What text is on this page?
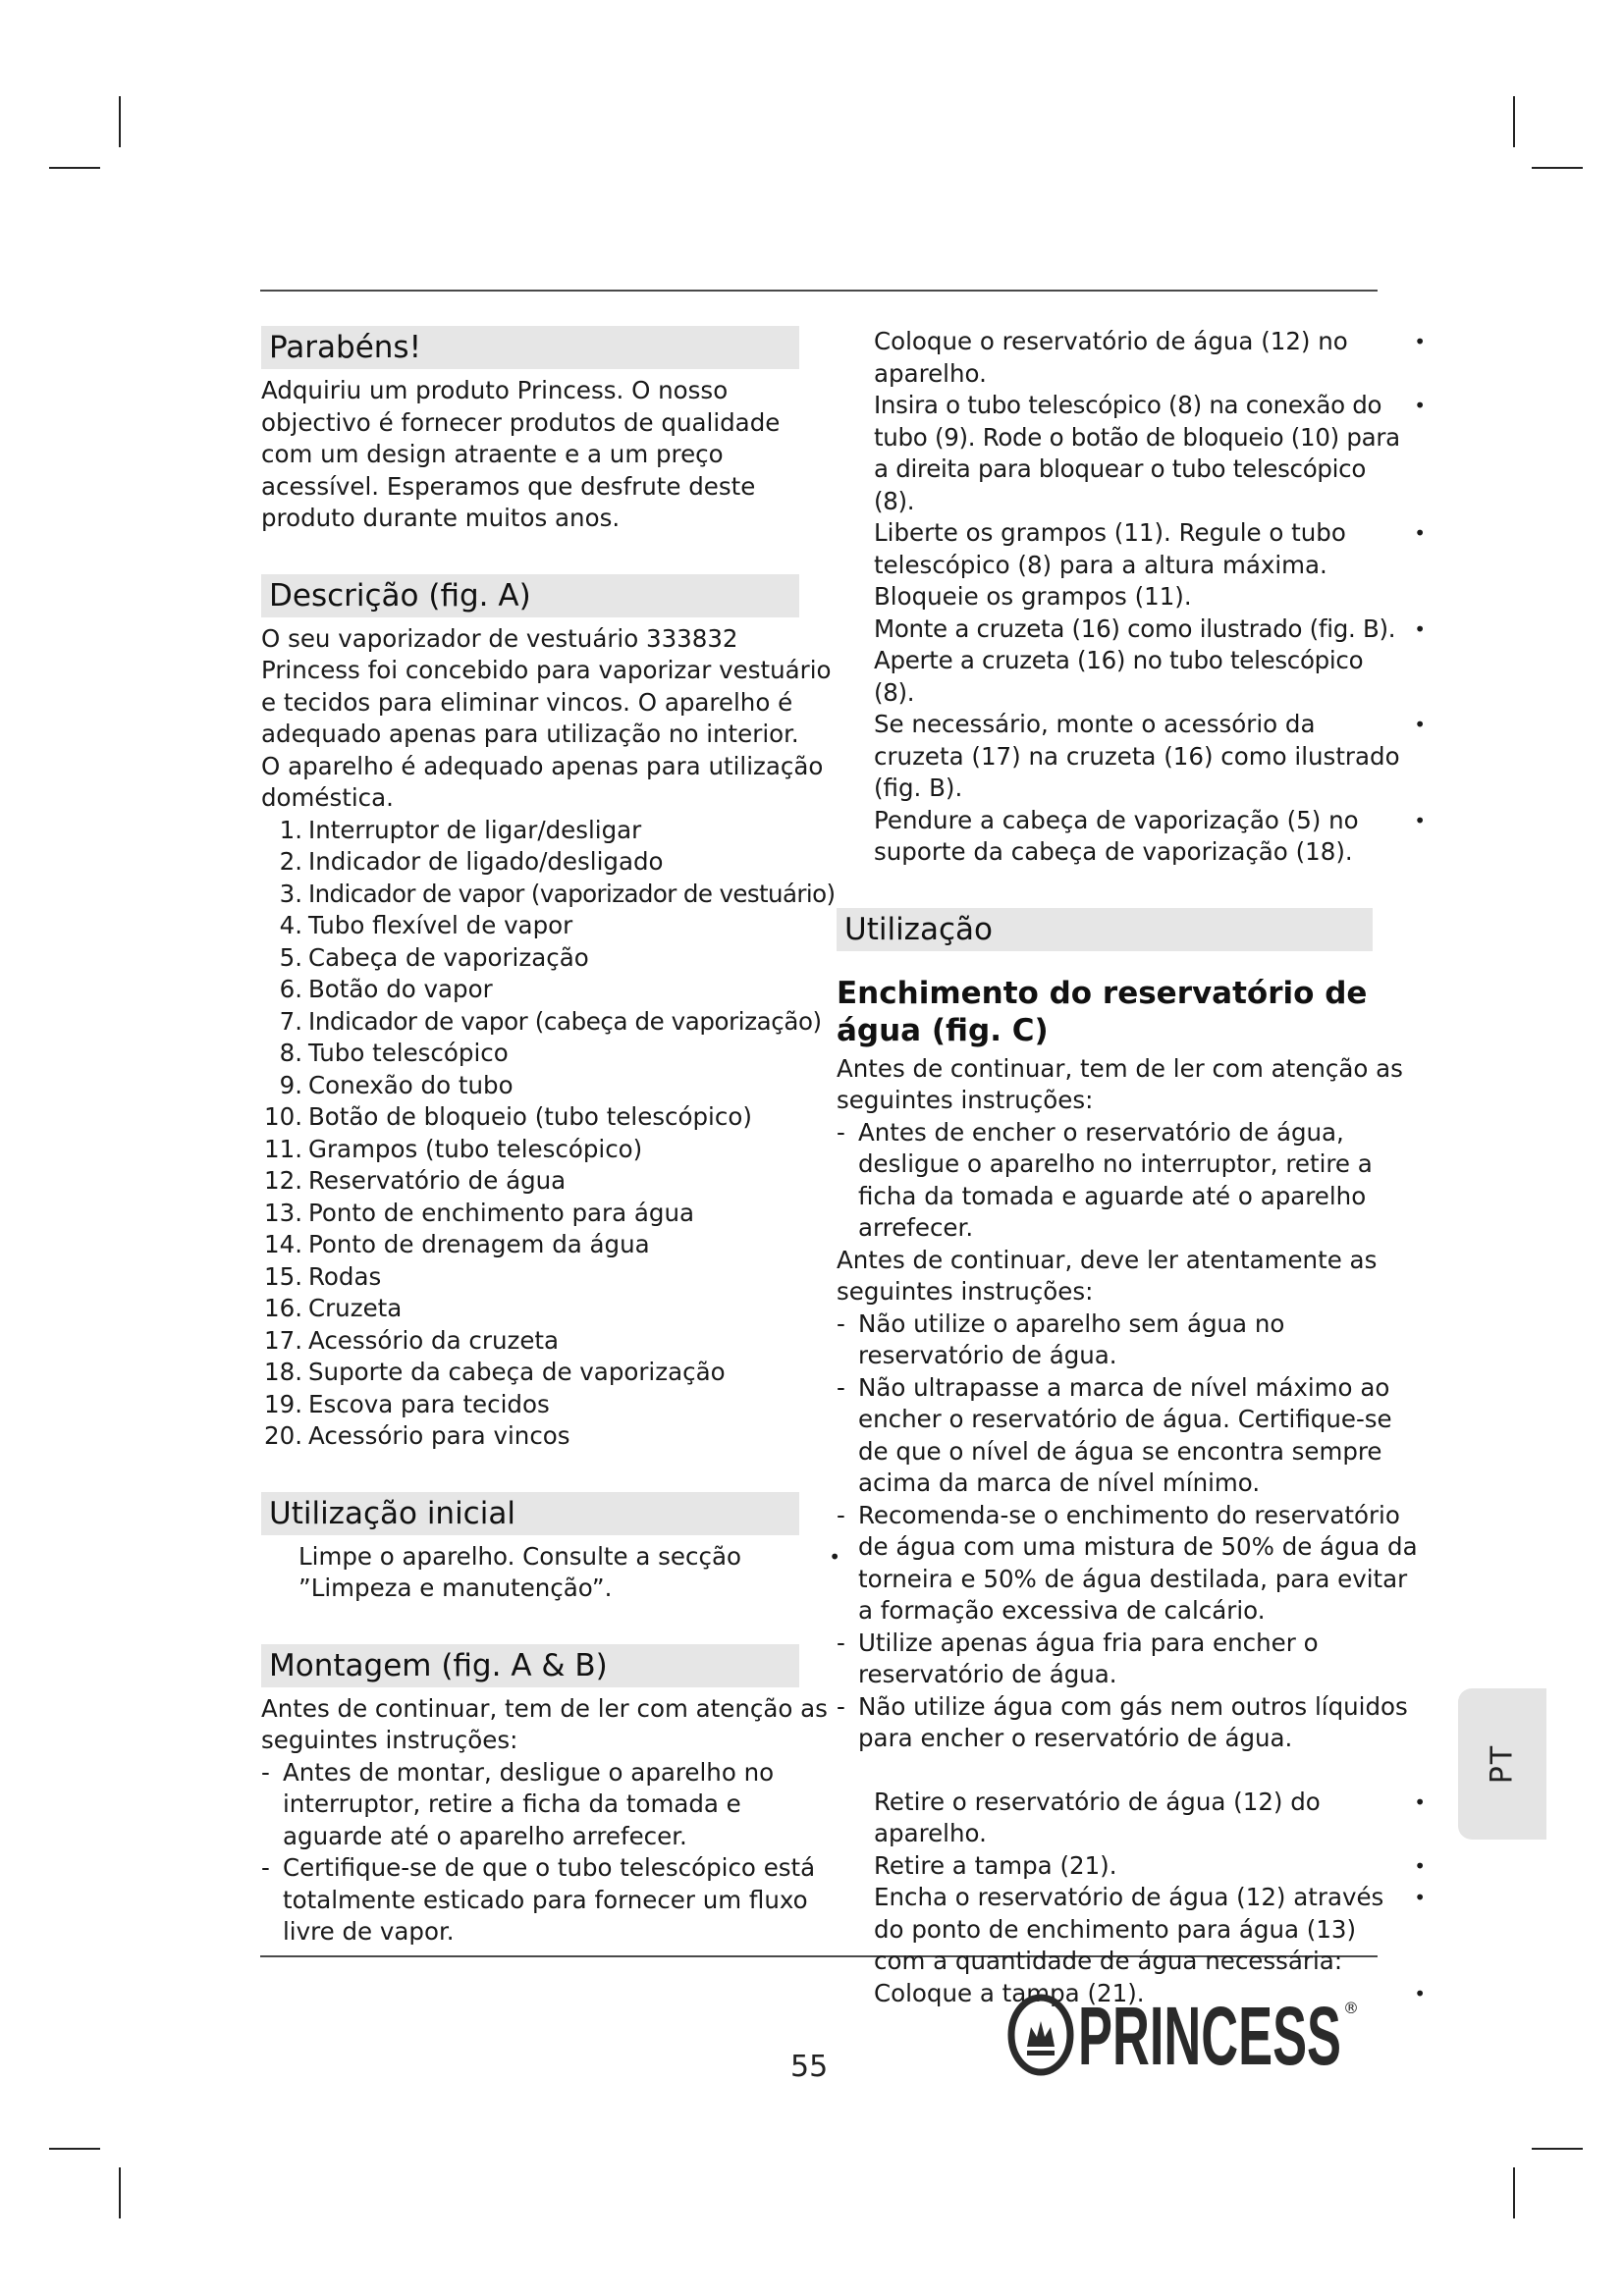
Parabéns!

Adquiriu um produto Princess. O nosso objectivo é fornecer produtos de qualidade com um design atraente e a um preço acessível. Esperamos que desfrute deste produto durante muitos anos.

Descrição (fig. A)

O seu vaporizador de vestuário 333832 Princess foi concebido para vaporizar vestuário e tecidos para eliminar vincos. O aparelho é adequado apenas para utilização no interior.

O aparelho é adequado apenas para utilização doméstica.

1. Interruptor de ligar/desligar
2. Indicador de ligado/desligado
3. Indicador de vapor (vaporizador de vestuário)
4. Tubo flexível de vapor
5. Cabeça de vaporização
6. Botão do vapor
7. Indicador de vapor (cabeça de vaporização)
8. Tubo telescópico
9. Conexão do tubo
10. Botão de bloqueio (tubo telescópico)
11. Grampos (tubo telescópico)
12. Reservatório de água
13. Ponto de enchimento para água
14. Ponto de drenagem da água
15. Rodas
16. Cruzeta
17. Acessório da cruzeta
18. Suporte da cabeça de vaporização
19. Escova para tecidos
20. Acessório para vincos
Utilização inicial
Limpe o aparelho. Consulte a secção ”Limpeza e manutenção”.
•
Montagem (fig. A & B)

Antes de continuar, tem de ler com atenção as seguintes instruções:

- Antes de montar, desligue o aparelho no interruptor, retire a ficha da tomada e aguarde até o aparelho arrefecer.
- Certifique-se de que o tubo telescópico está totalmente esticado para fornecer um fluxo livre de vapor.
Coloque o reservatório de água (12) no aparelho.
•
Insira o tubo telescópico (8) na conexão do tubo (9). Rode o botão de bloqueio (10) para a direita para bloquear o tubo telescópico (8).
•
Liberte os grampos (11). Regule o tubo telescópico (8) para a altura máxima. Bloqueie os grampos (11).
•
Monte a cruzeta (16) como ilustrado (fig. B). Aperte a cruzeta (16) no tubo telescópico (8).
•
Se necessário, monte o acessório da cruzeta (17) na cruzeta (16) como ilustrado (fig. B).
•
Pendure a cabeça de vaporização (5) no suporte da cabeça de vaporização (18).
•
Utilização
Enchimento do reservatório de água (fig. C)

Antes de continuar, tem de ler com atenção as seguintes instruções:

- Antes de encher o reservatório de água, desligue o aparelho no interruptor, retire a ficha da tomada e aguarde até o aparelho arrefecer.

Antes de continuar, deve ler atentamente as seguintes instruções:

- Não utilize o aparelho sem água no reservatório de água.
- Não ultrapasse a marca de nível máximo ao encher o reservatório de água. Certifique-se de que o nível de água se encontra sempre acima da marca de nível mínimo.
- Recomenda-se o enchimento do reservatório de água com uma mistura de 50% de água da torneira e 50% de água destilada, para evitar a formação excessiva de calcário.
- Utilize apenas água fria para encher o reservatório de água.
- Não utilize água com gás nem outros líquidos para encher o reservatório de água.
Retire o reservatório de água (12) do aparelho.
•
Retire a tampa (21).	•
Encha o reservatório de água (12) através do ponto de enchimento para água (13) com a quantidade de água necessária:
•
Coloque a tampa (21).	•
PT
55	PRINCESS ®
